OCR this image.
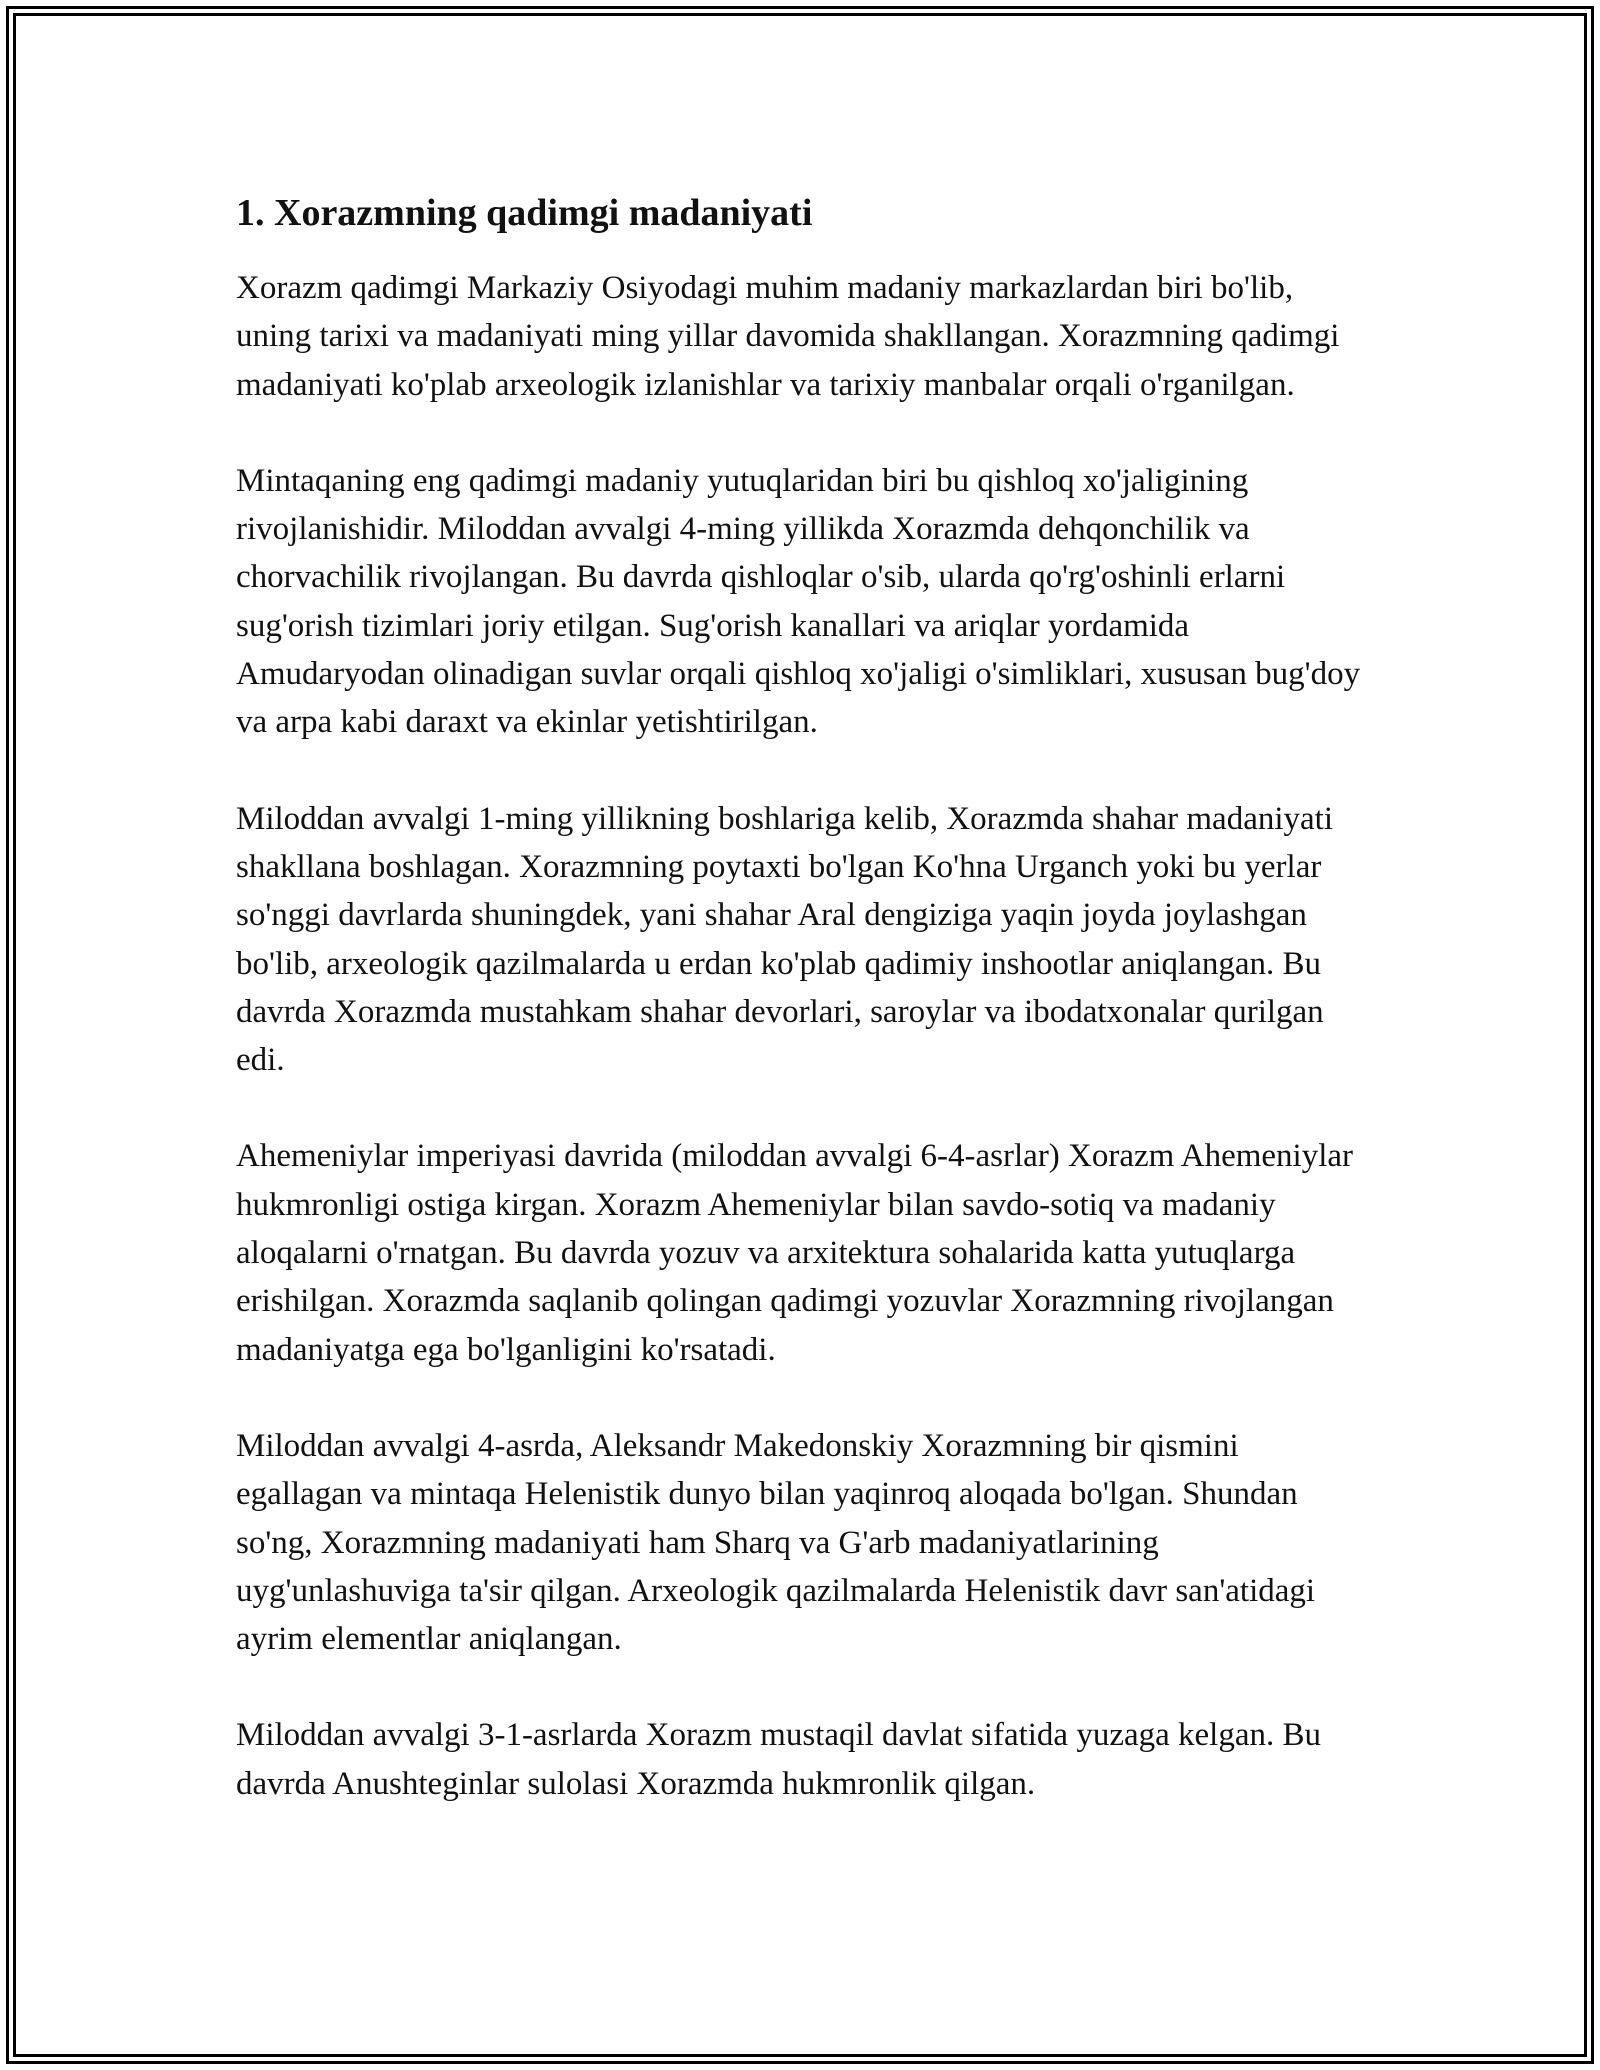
1. Xorazmning qadimgi madaniyati

Xorazm qadimgi Markaziy Osiyodagi muhim madaniy markazlardan biri bo'lib, uning tarixi va madaniyati ming yillar davomida shakllangan. Xorazmning qadimgi madaniyati ko'plab arxeologik izlanishlar va tarixiy manbalar orqali o'rganilgan.

Mintaqaning eng qadimgi madaniy yutuqlaridan biri bu qishloq xo'jaligining rivojlanishidir. Miloddan avvalgi 4-ming yillikda Xorazmda dehqonchilik va chorvachilik rivojlangan. Bu davrda qishloqlar o'sib, ularda qo'rg'oshinli erlarni sug'orish tizimlari joriy etilgan. Sug'orish kanallari va ariqlar yordamida Amudaryodan olinadigan suvlar orqali qishloq xo'jaligi o'simliklari, xususan bug'doy va arpa kabi daraxt va ekinlar yetishtirilgan.

Miloddan avvalgi 1-ming yillikning boshlariga kelib, Xorazmda shahar madaniyati shakllana boshlagan. Xorazmning poytaxti bo'lgan Ko'hna Urganch yoki bu yerlar so'nggi davrlarda shuningdek, yani shahar Aral dengiziga yaqin joyda joylashgan bo'lib, arxeologik qazilmalarda u erdan ko'plab qadimiy inshootlar aniqlangan. Bu davrda Xorazmda mustahkam shahar devorlari, saroylar va ibodatxonalar qurilgan edi.

Ahemeniylar imperiyasi davrida (miloddan avvalgi 6-4-asrlar) Xorazm Ahemeniylar hukmronligi ostiga kirgan. Xorazm Ahemeniylar bilan savdo-sotiq va madaniy aloqalarni o'rnatgan. Bu davrda yozuv va arxitektura sohalarida katta yutuqlarga erishilgan. Xorazmda saqlanib qolingan qadimgi yozuvlar Xorazmning rivojlangan madaniyatga ega bo'lganligini ko'rsatadi.

Miloddan avvalgi 4-asrda, Aleksandr Makedonskiy Xorazmning bir qismini egallagan va mintaqa Helenistik dunyo bilan yaqinroq aloqada bo'lgan. Shundan so'ng, Xorazmning madaniyati ham Sharq va G'arb madaniyatlarining uyg'unlashuviga ta'sir qilgan. Arxeologik qazilmalarda Helenistik davr san'atidagi ayrim elementlar aniqlangan.

Miloddan avvalgi 3-1-asrlarda Xorazm mustaqil davlat sifatida yuzaga kelgan. Bu davrda Anushteginlar sulolasi Xorazmda hukmronlik qilgan.
